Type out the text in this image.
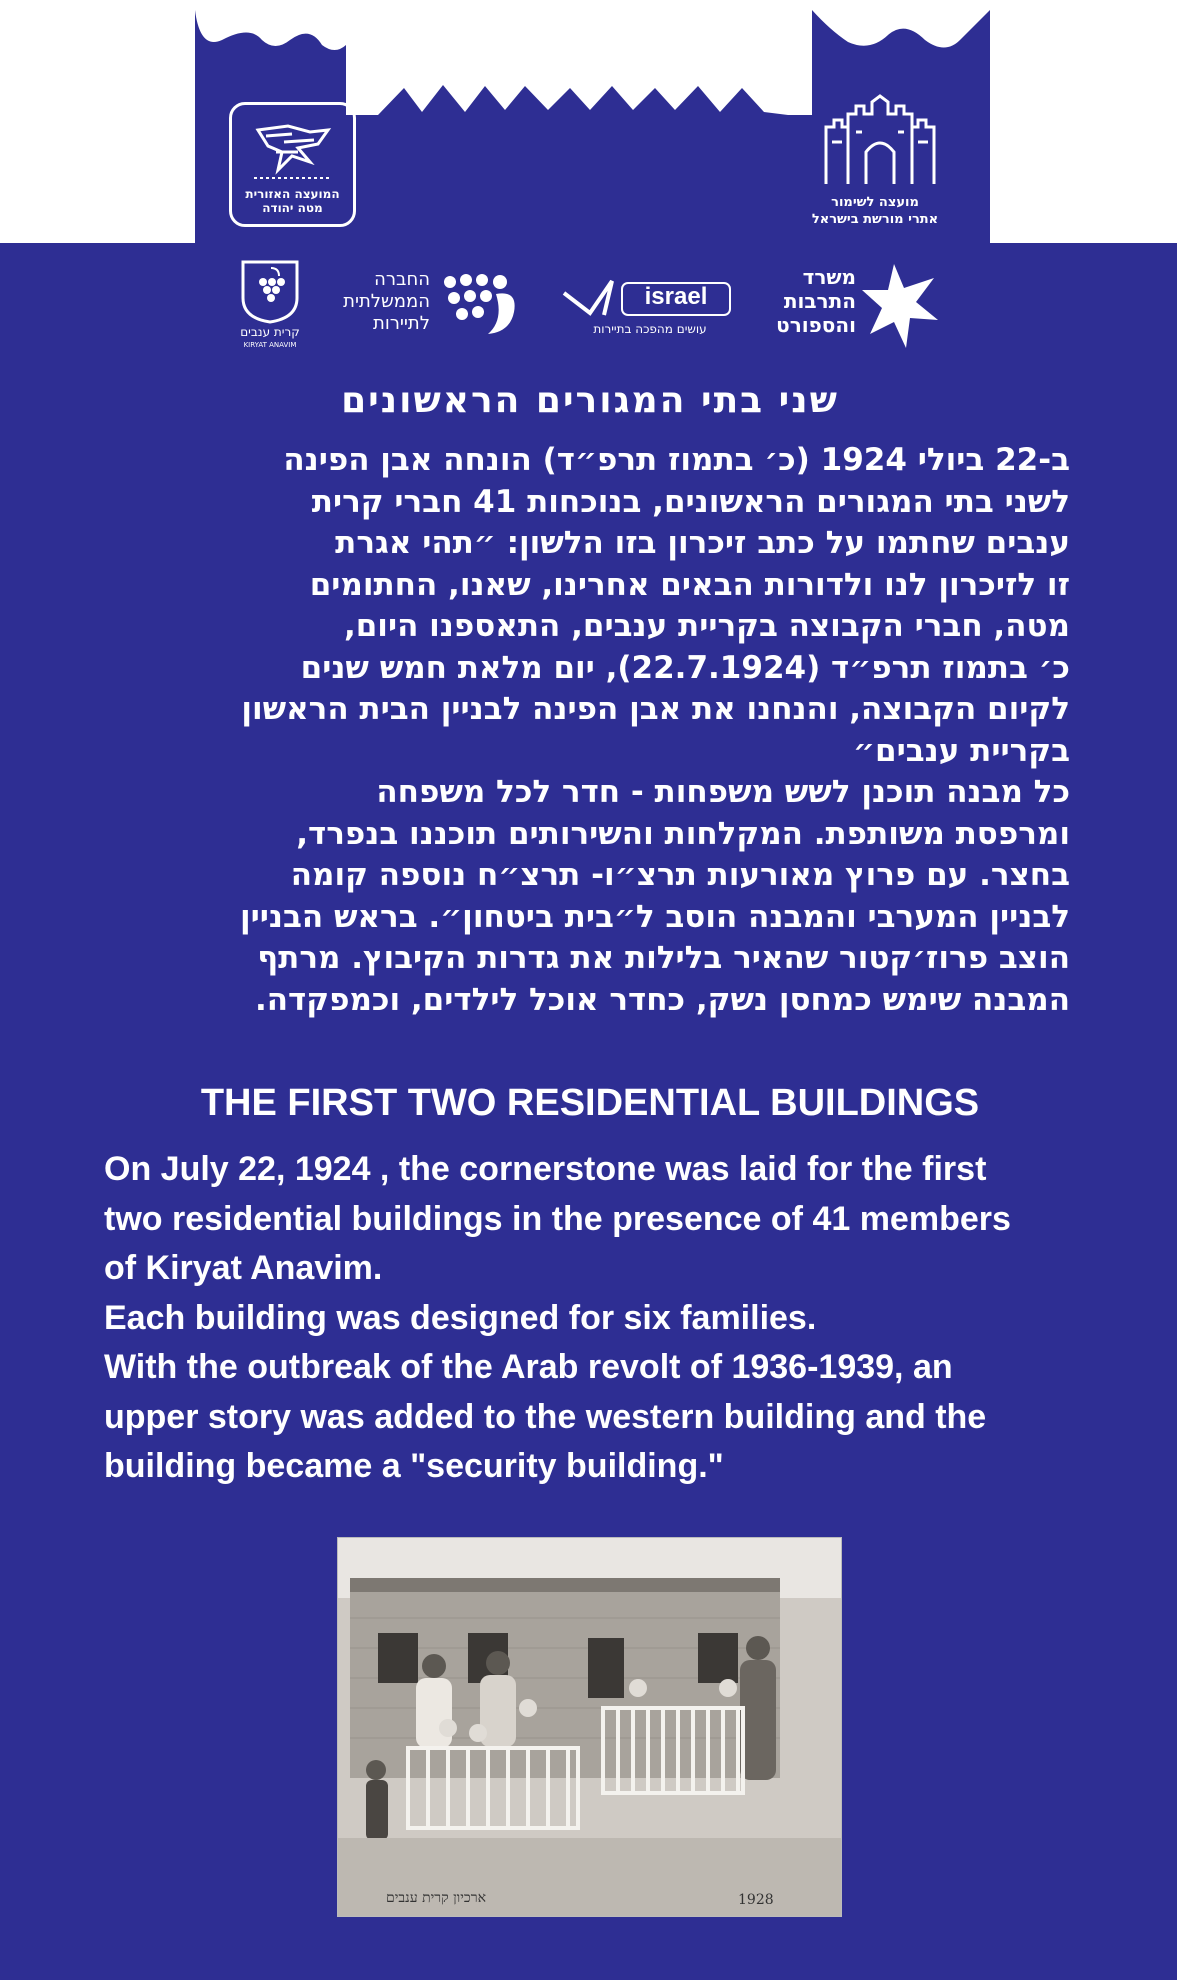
המועצה האזורית מטה יהודה	מועצה לשימור
אתרי מורשת בישראל
קרית ענבים
KIRYAT ANAVIM
החברה
הממשלתית
לתיירות
israel
עושים מהפכה בתיירות
משרד
התרבות
והספורט
שני בתי המגורים הראשונים

ב-22 ביולי 1924 (כ׳ בתמוז תרפ״ד) הונחה אבן הפינה

לשני בתי המגורים הראשונים, בנוכחות 41 חברי קרית

ענבים שחתמו על כתב זיכרון בזו הלשון: ״תהי אגרת

זו לזיכרון לנו ולדורות הבאים אחרינו, שאנו, החתומים

מטה, חברי הקבוצה בקריית ענבים, התאספנו היום,

כ׳ בתמוז תרפ״ד (22.7.1924), יום מלאת חמש שנים

לקיום הקבוצה, והנחנו את אבן הפינה לבניין הבית הראשון

בקריית ענבים״

כל מבנה תוכנן לשש משפחות - חדר לכל משפחה

ומרפסת משותפת. המקלחות והשירותים תוכננו בנפרד,

בחצר. עם פרוץ מאורעות תרצ״ו- תרצ״ח נוספה קומה

לבניין המערבי והמבנה הוסב ל״בית ביטחון״. בראש הבניין

הוצב פרוז׳קטור שהאיר בלילות את גדרות הקיבוץ. מרתף

המבנה שימש כמחסן נשק, כחדר אוכל לילדים, וכמפקדה.

THE FIRST TWO RESIDENTIAL BUILDINGS

On July 22, 1924 , the cornerstone was laid for the first

two residential buildings in the presence of 41 members

of Kiryat Anavim.

Each building was designed for six families.

With the outbreak of the Arab revolt of 1936-1939, an

upper story was added to the western building and the

building became a "security building."

ארכיון קרית ענבים	1928
